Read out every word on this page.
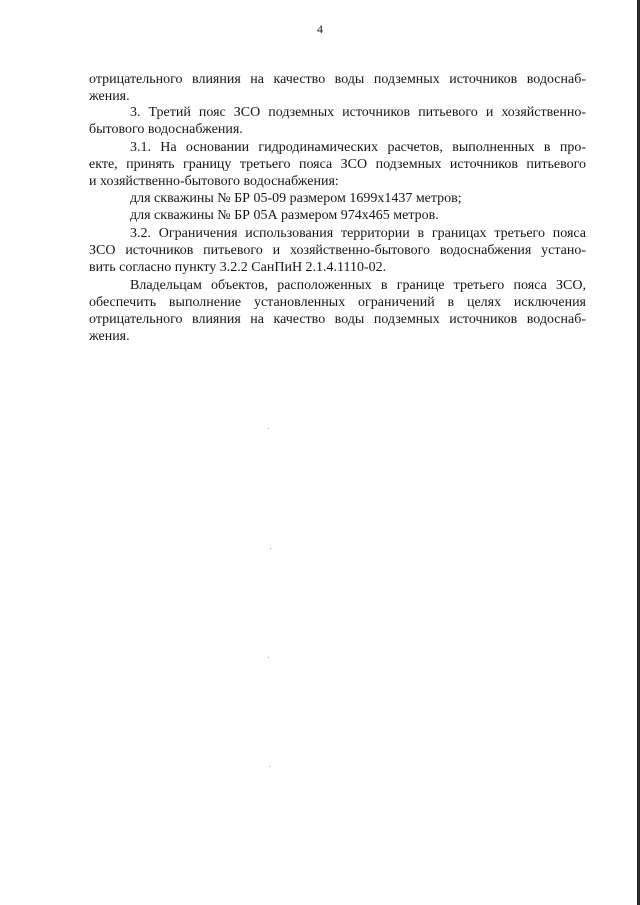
4
отрицательного влияния на качество воды подземных источников водоснаб-
жения.
3. Третий пояс ЗСО подземных источников питьевого и хозяйственно-
бытового водоснабжения.
3.1. На основании гидродинамических расчетов, выполненных в про-
екте, принять границу третьего пояса ЗСО подземных источников питьевого
и хозяйственно-бытового водоснабжения:
для скважины № БР 05-09 размером 1699х1437 метров;
для скважины № БР 05А размером 974х465 метров.
3.2. Ограничения использования территории в границах третьего пояса
ЗСО источников питьевого и хозяйственно-бытового водоснабжения устано-
вить согласно пункту 3.2.2 СанПиН 2.1.4.1110-02.
Владельцам объектов, расположенных в границе третьего пояса ЗСО,
обеспечить выполнение установленных ограничений в целях исключения
отрицательного влияния на качество воды подземных источников водоснаб-
жения.
